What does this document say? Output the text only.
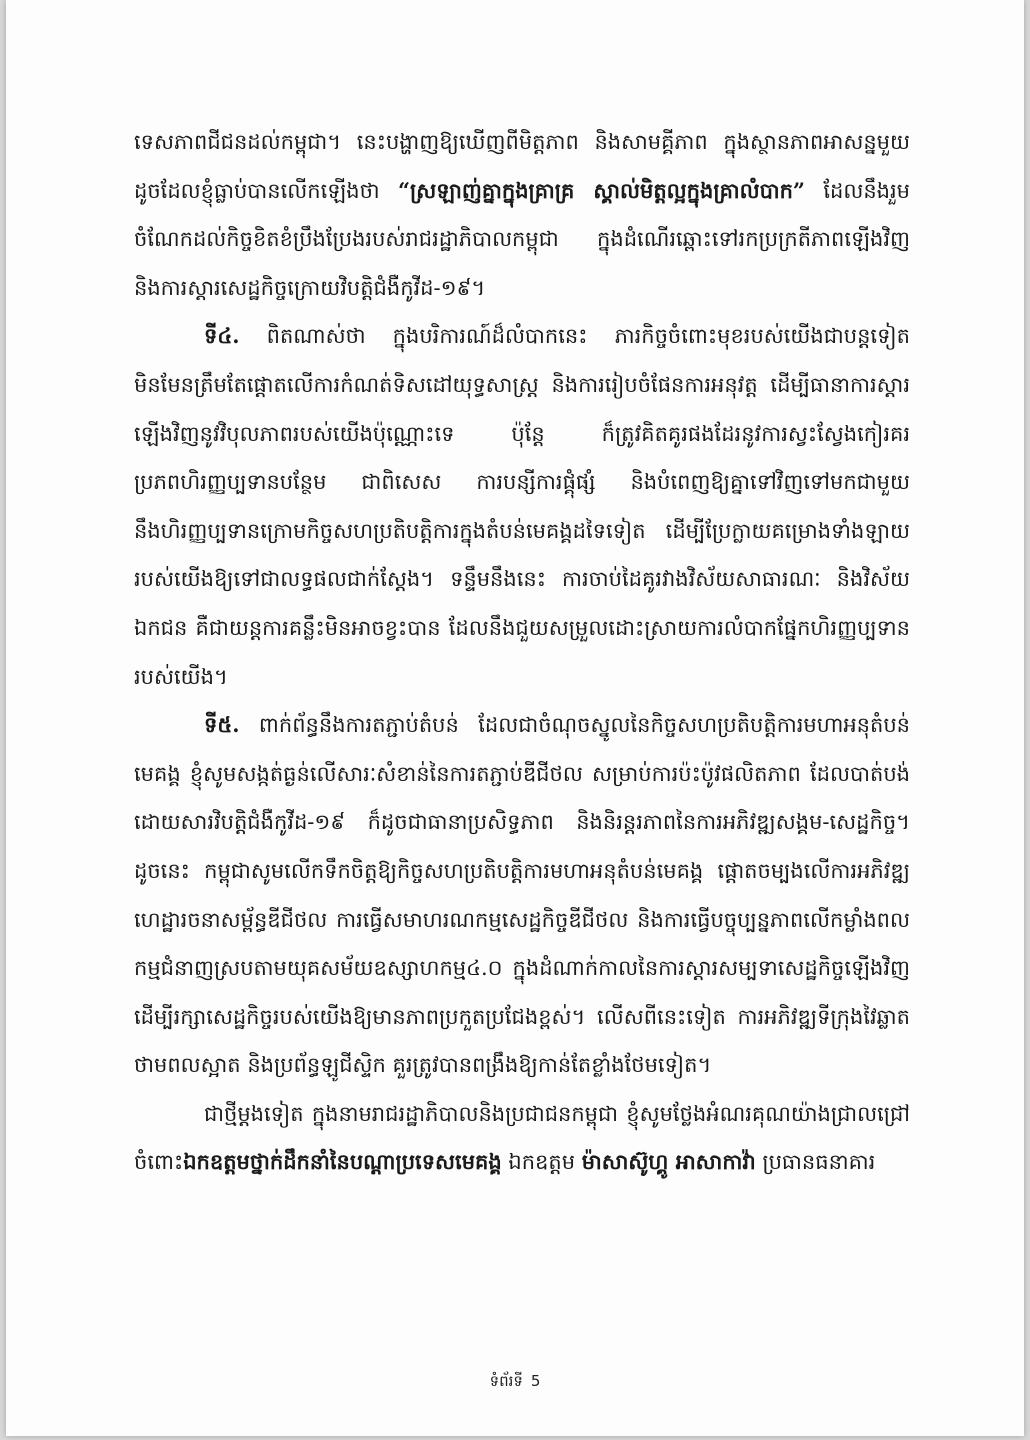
ទេសភាពជីជនដល់កម្ពុជា។ នេះបង្ហាញឱ្យឃើញពីមិត្តភាព និងសាមគ្គីភាព ក្នុងស្ថានភាពអាសន្នមួយ ដូចដែលខ្ញុំធ្លាប់បានលើកឡើងថា “ស្រឡាញ់គ្នាក្នុងគ្រាគ្រ ស្គាល់មិត្តល្អក្នុងគ្រាលំបាក” ដែលនឹងរួមចំណែកដល់កិច្ចខិតខំប្រឹងប្រែងរបស់រាជរដ្ឋាភិបាលកម្ពុជា ក្នុងដំណើរឆ្ពោះទៅរកប្រក្រតីភាពឡើងវិញ និងការស្តារសេដ្ឋកិច្ចក្រោយវិបត្តិជំងឺកូវីដ-១៩។

ទី៤. ពិតណាស់ថា ក្នុងបរិការណ៍ដ៏លំបាកនេះ ភារកិច្ចចំពោះមុខរបស់យើងជាបន្តទៀត មិនមែនត្រឹមតែផ្តោតលើការកំណត់ទិសដៅយុទ្ធសាស្ត្រ និងការរៀបចំផែនការអនុវត្ត ដើម្បីធានាការស្តារឡើងវិញនូវវិបុលភាពរបស់យើងប៉ុណ្ណោះទេ ប៉ុន្តែ ក៏ត្រូវគិតគូរផងដែរនូវការស្វះស្វែងកៀរគរប្រភពហិរញ្ញប្បទានបន្ថែម ជាពិសេស ការបន្សីការផ្គុំផ្សំ និងបំពេញឱ្យគ្នាទៅវិញទៅមកជាមួយនឹងហិរញ្ញប្បទានក្រោមកិច្ចសហប្រតិបត្តិការក្នុងតំបន់មេគង្គដទៃទៀត ដើម្បីប្រែក្លាយគម្រោងទាំងឡាយរបស់យើងឱ្យទៅជាលទ្ធផលជាក់ស្តែង។ ទន្ទឹមនឹងនេះ ការចាប់ដៃគូរវាងវិស័យសាធារណៈ និងវិស័យឯកជន គឺជាយន្តការគន្លឹះមិនអាចខ្វះបាន ដែលនឹងជួយសម្រួលដោះស្រាយការលំបាកផ្នែកហិរញ្ញប្បទានរបស់យើង។

ទី៥. ពាក់ព័ន្ធនឹងការតភ្ជាប់តំបន់ ដែលជាចំណុចស្នូលនៃកិច្ចសហប្រតិបត្តិការមហាអនុតំបន់មេគង្គ ខ្ញុំសូមសង្កត់ធ្ងន់លើសារៈសំខាន់នៃការតភ្ជាប់ឌីជីថល សម្រាប់ការប៉ះប៉ូវផលិតភាព ដែលបាត់បង់ដោយសារវិបត្តិជំងឺកូវីដ-១៩ ក៏ដូចជាធានាប្រសិទ្ធភាព និងនិរន្តរភាពនៃការអភិវឌ្ឍសង្គម-សេដ្ឋកិច្ច។ ដូចនេះ កម្ពុជាសូមលើកទឹកចិត្តឱ្យកិច្ចសហប្រតិបត្តិការមហាអនុតំបន់មេគង្គ ផ្តោតចម្បងលើការអភិវឌ្ឍហេដ្ឋារចនាសម្ព័ន្ធឌីជីថល ការធ្វើសមាហរណកម្មសេដ្ឋកិច្ចឌីជីថល និងការធ្វើបច្ចុប្បន្នភាពលើកម្លាំងពលកម្មជំនាញស្របតាមយុគសម័យឧស្សាហកម្ម៤.០ ក្នុងដំណាក់កាលនៃការស្តារសម្បទាសេដ្ឋកិច្ចឡើងវិញ ដើម្បីរក្សាសេដ្ឋកិច្ចរបស់យើងឱ្យមានភាពប្រកួតប្រជែងខ្ពស់។ លើសពីនេះទៀត ការអភិវឌ្ឍទីក្រុងវៃឆ្លាត ថាមពលស្អាត និងប្រព័ន្ធឡូជីស្ទិក គួរត្រូវបានពង្រឹងឱ្យកាន់តែខ្លាំងថែមទៀត។

ជាថ្មីម្តងទៀត ក្នុងនាមរាជរដ្ឋាភិបាលនិងប្រជាជនកម្ពុជា ខ្ញុំសូមថ្លែងអំណរគុណយ៉ាងជ្រាលជ្រៅចំពោះឯកឧត្តមថ្នាក់ដឹកនាំនៃបណ្តាប្រទេសមេគង្គ ឯកឧត្តម ម៉ាសាស៊ូហ្គូ អាសាកាវ៉ា ប្រធានធនាគារ

ទំព័រទី 5
